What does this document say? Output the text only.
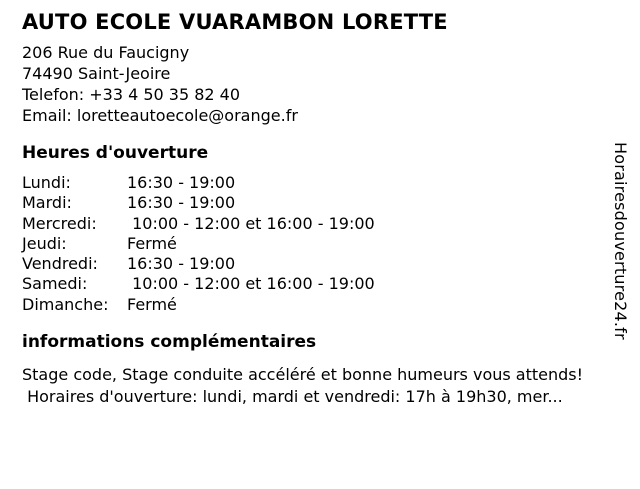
AUTO ECOLE VUARAMBON LORETTE
206 Rue du Faucigny
74490 Saint-Jeoire
Telefon: +33 4 50 35 82 40
Email: loretteautoecole@orange.fr
Heures d'ouverture
Lundi:	16:30 - 19:00
Mardi:	16:30 - 19:00
Mercredi:	10:00 - 12:00 et 16:00 - 19:00
Jeudi:	Fermé
Vendredi:	16:30 - 19:00
Samedi:	10:00 - 12:00 et 16:00 - 19:00
Dimanche:	Fermé
informations complémentaires
Stage code, Stage conduite accéléré et bonne humeurs vous attends!
Horaires d'ouverture: lundi, mardi et vendredi: 17h à 19h30, mer...
Horairesdouverture24.fr
